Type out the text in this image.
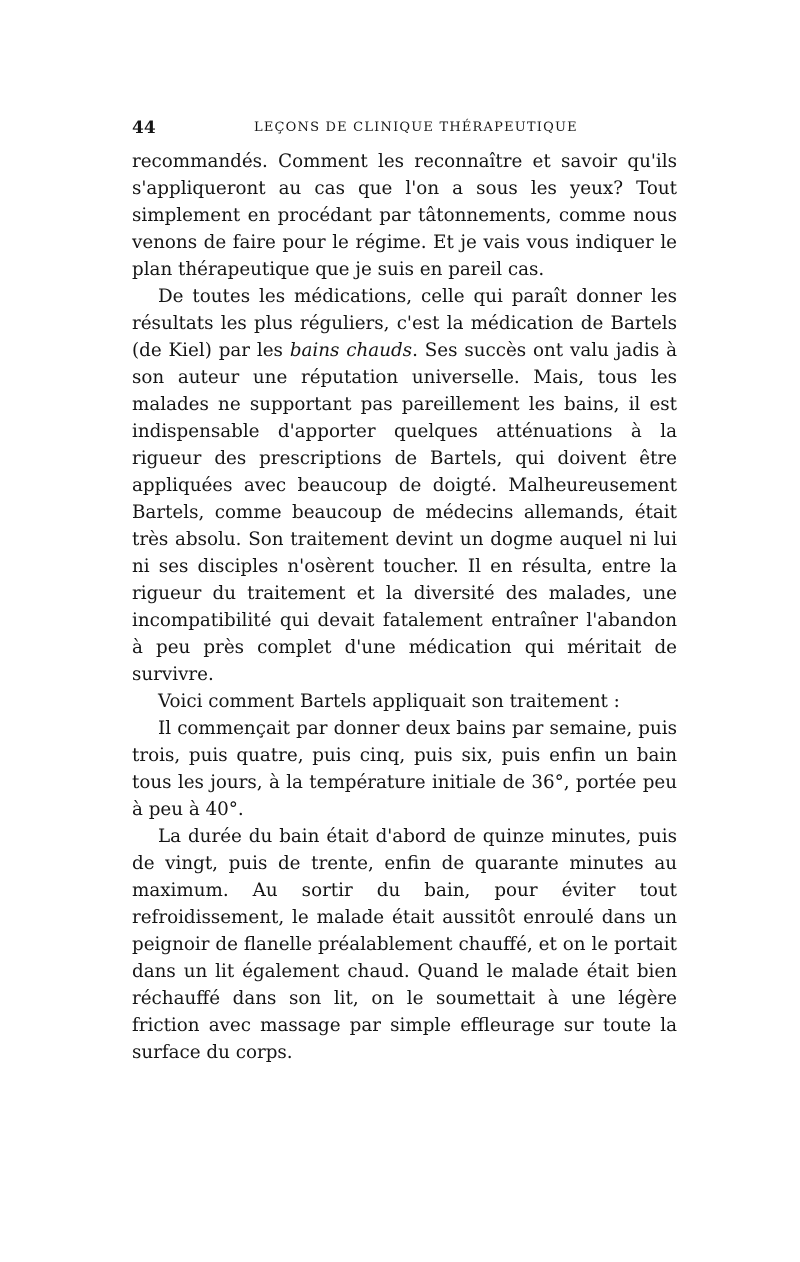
44	LEÇONS DE CLINIQUE THÉRAPEUTIQUE

recommandés. Comment les reconnaître et savoir qu'ils s'appliqueront au cas que l'on a sous les yeux? Tout simplement en procédant par tâtonnements, comme nous venons de faire pour le régime. Et je vais vous indiquer le plan thérapeutique que je suis en pareil cas.

De toutes les médications, celle qui paraît donner les résultats les plus réguliers, c'est la médication de Bartels (de Kiel) par les bains chauds. Ses succès ont valu jadis à son auteur une réputation universelle. Mais, tous les malades ne supportant pas pareillement les bains, il est indispensable d'apporter quelques atténuations à la rigueur des prescriptions de Bartels, qui doivent être appliquées avec beaucoup de doigté. Malheureusement Bartels, comme beaucoup de médecins allemands, était très absolu. Son traitement devint un dogme auquel ni lui ni ses disciples n'osèrent toucher. Il en résulta, entre la rigueur du traitement et la diversité des malades, une incompatibilité qui devait fatalement entraîner l'abandon à peu près complet d'une médication qui méritait de survivre.

Voici comment Bartels appliquait son traitement :

Il commençait par donner deux bains par semaine, puis trois, puis quatre, puis cinq, puis six, puis enfin un bain tous les jours, à la température initiale de 36°, portée peu à peu à 40°.

La durée du bain était d'abord de quinze minutes, puis de vingt, puis de trente, enfin de quarante minutes au maximum. Au sortir du bain, pour éviter tout refroidissement, le malade était aussitôt enroulé dans un peignoir de flanelle préalablement chauffé, et on le portait dans un lit également chaud. Quand le malade était bien réchauffé dans son lit, on le soumettait à une légère friction avec massage par simple effleurage sur toute la surface du corps.
